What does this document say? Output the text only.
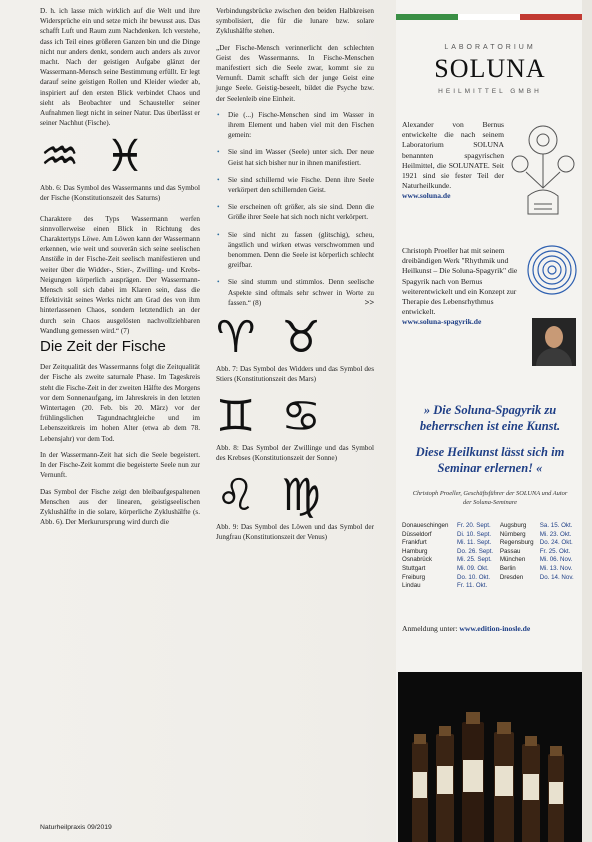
D. h. ich lasse mich wirklich auf die Welt und ihre Widersprüche ein und setze mich ihr bewusst aus. Das schafft Luft und Raum zum Nachdenken. Ich verstehe, dass ich Teil eines größeren Ganzen bin und die Dinge nicht nur anders denkt, sondern auch anders als zuvor macht. Nach der geistigen Aufgabe glänzt der Wassermann-Mensch seine Bestimmung erfüllt. Er legt darauf seine geistigen Rollen und Kleider wieder ab, inspiriert auf den ersten Blick verbindet Chaos und sieht als Beobachter und Schausteller seiner Aufnahmen liegt nicht in seiner Natur. Das überlässt er seiner Nachhut (Fische).

♒ ♓

Abb. 6: Das Symbol des Wassermanns und das Symbol der Fische (Konstitutionszeit des Saturns)

Charaktere des Typs Wassermann werfen sinnvollerweise einen Blick in Richtung des Charaktertyps Löwe. Am Löwen kann der Wassermann erkennen, wie weit und souverän sich seine seelischen Anstöße in der Fische-Zeit seelisch manifestieren und weiter über die Widder-, Stier-, Zwilling- und Krebs-Neigungen körperlich ausprägen. Der Wassermann-Mensch soll sich dabei im Klaren sein, dass die Effektivität seines Werks nicht am Grad des von ihm hinterlassenen Chaos, sondern letztendlich an der durch sein Chaos ausgelösten nachvollziehbaren Wandlung gemessen wird.“ (7)

Die Zeit der Fische

Der Zeitqualität des Wassermanns folgt die Zeitqualität der Fische als zweite saturnale Phase. Im Tageskreis steht die Fische-Zeit in der zweiten Hälfte des Morgens vor dem Sonnenaufgang, im Jahreskreis in den letzten Wintertagen (20. Feb. bis 20. März) vor der frühlingslichen Tagundnachtgleiche und im Lebenszeitkreis im hohen Alter (etwa ab dem 78. Lebensjahr) vor dem Tod.

In der Wassermann-Zeit hat sich die Seele begeistert. In der Fische-Zeit kommt die begeisterte Seele nun zur Vernunft.

Das Symbol der Fische zeigt den bleibaufgespaltenen Menschen aus der linearen, geistigseelischen Zyklushälfte in die solare, körperliche Zyklushälfte (s. Abb. 6). Der Merkurursprung wird durch die

Verbindungsbrücke zwischen den beiden Halbkreisen symbolisiert, die für die lunare bzw. solare Zyklushälfte stehen.

„Der Fische-Mensch verinnerlicht den schlechten Geist des Wassermanns. In Fische-Menschen manifestiert sich die Seele zwar, kommt sie zu Vernunft. Damit schafft sich der junge Geist eine junge Seele. Geistig-beseelt, bildet die Psyche bzw. der Seelenleib eine Einheit.

• Die (...) Fische-Menschen sind im Wasser in ihrem Element und haben viel mit den Fischen gemein:
• Sie sind im Wasser (Seele) unter sich. Der neue Geist hat sich bisher nur in ihnen manifestiert.
• Sie sind schillernd wie Fische. Denn ihre Seele verkörpert den schillernden Geist.
• Sie erscheinen oft größer, als sie sind. Denn die Größe ihrer Seele hat sich noch nicht verkörpert.
• Sie sind nicht zu fassen (glitschig), scheu, ängstlich und wirken etwas verschwommen und benommen. Denn die Seele ist körperlich schlecht greifbar.
• Sie sind stumm und stimmlos. Denn seelische Aspekte sind oftmals sehr schwer in Worte zu fassen.“ (8)	>>
♈ ♉

Abb. 7: Das Symbol des Widders und das Symbol des Stiers (Konstitutionszeit des Mars)

♊ ♋

Abb. 8: Das Symbol der Zwillinge und das Symbol des Krebses (Konstitutionszeit der Sonne)

♌ ♍

Abb. 9: Das Symbol des Löwen und das Symbol der Jungfrau (Konstitutionszeit der Venus)

Naturheilpraxis 09/2019
LABORATORIUM
SOLUNA
HEILMITTEL GMBH
Alexander von Bernus entwickelte die nach seinem Laboratorium SOLUNA benannten spagyrischen Heilmittel, die SOLUNATE. Seit 1921 sind sie fester Teil der Naturheilkunde.
www.soluna.de
Christoph Proeller hat mit seinem dreibändigen Werk "Rhythmik und Heilkunst – Die Soluna-Spagyrik" die Spagyrik nach von Bernus weiterentwickelt und ein Konzept zur Therapie des Lebensrhythmus entwickelt.
www.soluna-spagyrik.de
» Die Soluna-Spagyrik zu beherrschen ist eine Kunst.
Diese Heilkunst lässt sich im Seminar erlernen! «
Christoph Proeller, Geschäftsführer der SOLUNA und Autor der Soluna-Seminare
Donaueschingen	Fr. 20. Sept.	Augsburg	Sa. 15. Okt.
Düsseldorf	Di. 10. Sept.	Nürnberg	Mi. 23. Okt.
Frankfurt	Mi. 11. Sept.	Regensburg	Do. 24. Okt.
Hamburg	Do. 26. Sept.	Passau	Fr. 25. Okt.
Osnabrück	Mi. 25. Sept.	München	Mi. 06. Nov.
Stuttgart	Mi. 09. Okt.	Berlin	Mi. 13. Nov.
Freiburg	Do. 10. Okt.	Dresden	Do. 14. Nov.
Lindau	Fr. 11. Okt.		
Anmeldung unter: www.edition-inosle.de
